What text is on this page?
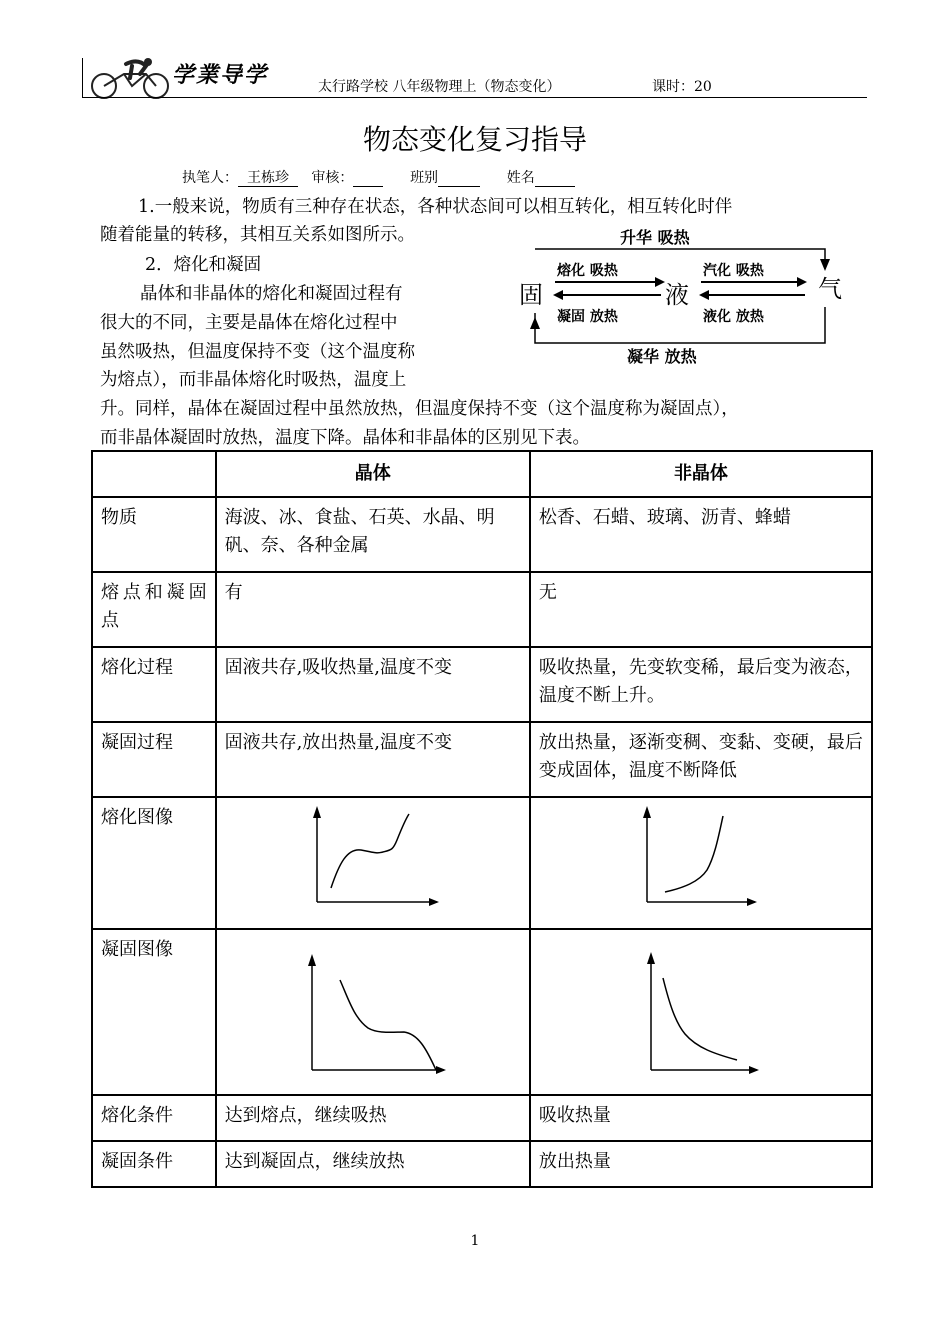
学業导学	太行路学校 八年级物理上（物态变化）	课时：20
物态变化复习指导
执笔人： 王栋珍 审核：	班别	姓名
1.一般来说，物质有三种存在状态，各种状态间可以相互转化，相互转化时伴
随着能量的转移，其相互关系如图所示。
2．熔化和凝固
晶体和非晶体的熔化和凝固过程有
很大的不同，主要是晶体在熔化过程中
虽然吸热，但温度保持不变（这个温度称
为熔点），而非晶体熔化时吸热，温度上
升。同样，晶体在凝固过程中虽然放热，但温度保持不变（这个温度称为凝固点），
而非晶体凝固时放热，温度下降。晶体和非晶体的区别见下表。
升华 吸热
凝华 放热
固	液	气
熔化 吸热
凝固 放热
汽化 吸热
液化 放热
	晶体	非晶体
物质	海波、冰、食盐、石英、水晶、明矾、奈、各种金属	松香、石蜡、玻璃、沥青、蜂蜡
熔点和凝固点	有	无
熔化过程	固液共存,吸收热量,温度不变	吸收热量，先变软变稀，最后变为液态，温度不断上升。
凝固过程	固液共存,放出热量,温度不变	放出热量，逐渐变稠、变黏、变硬，最后变成固体，温度不断降低
熔化图像	

凝固图像	

熔化条件	达到熔点，继续吸热	吸收热量
凝固条件	达到凝固点，继续放热	放出热量
1
